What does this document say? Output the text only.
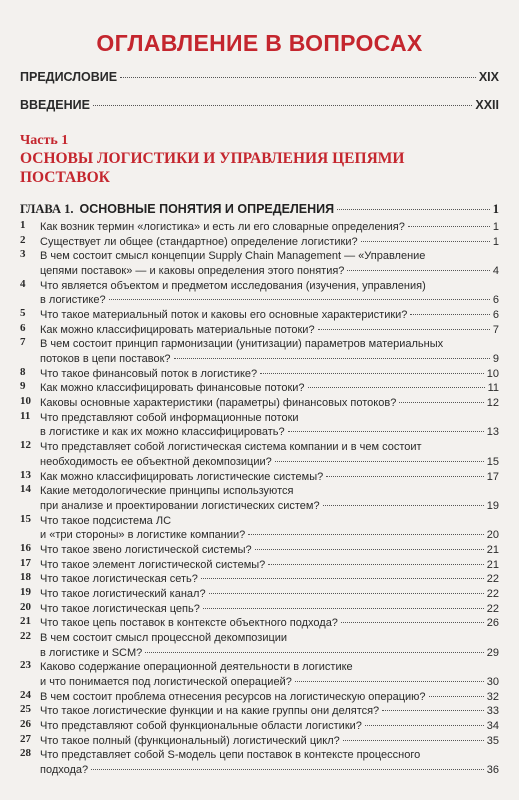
ОГЛАВЛЕНИЕ В ВОПРОСАХ
ПРЕДИСЛОВИЕ	XIX
ВВЕДЕНИЕ	XXII
Часть 1
ОСНОВЫ ЛОГИСТИКИ И УПРАВЛЕНИЯ ЦЕПЯМИ ПОСТАВОК
ГЛАВА 1. ОСНОВНЫЕ ПОНЯТИЯ И ОПРЕДЕЛЕНИЯ	1
1 Как возник термин «логистика» и есть ли его словарные определения?	1
2 Существует ли общее (стандартное) определение логистики?	1
3 В чем состоит смысл концепции Supply Chain Management — «Управление
цепями поставок» — и каковы определения этого понятия?	4
4 Что является объектом и предметом исследования (изучения, управления)
в логистике?	6
5 Что такое материальный поток и каковы его основные характеристики?	6
6 Как можно классифицировать материальные потоки?	7
7 В чем состоит принцип гармонизации (унитизации) параметров материальных
потоков в цепи поставок?	9
8 Что такое финансовый поток в логистике?	10
9 Как можно классифицировать финансовые потоки?	11
10 Каковы основные характеристики (параметры) финансовых потоков?	12
11 Что представляют собой информационные потоки
в логистике и как их можно классифицировать?	13
12 Что представляет собой логистическая система компании и в чем состоит
необходимость ее объектной декомпозиции?	15
13 Как можно классифицировать логистические системы?	17
14 Какие методологические принципы используются
при анализе и проектировании логистических систем?	19
15 Что такое подсистема ЛС
и «три стороны» в логистике компании?	20
16 Что такое звено логистической системы?	21
17 Что такое элемент логистической системы?	21
18 Что такое логистическая сеть?	22
19 Что такое логистический канал?	22
20 Что такое логистическая цепь?	22
21 Что такое цепь поставок в контексте объектного подхода?	26
22 В чем состоит смысл процессной декомпозиции
в логистике и SCM?	29
23 Каково содержание операционной деятельности в логистике
и что понимается под логистической операцией?	30
24 В чем состоит проблема отнесения ресурсов на логистическую операцию?	32
25 Что такое логистические функции и на какие группы они делятся?	33
26 Что представляют собой функциональные области логистики?	34
27 Что такое полный (функциональный) логистический цикл?	35
28 Что представляет собой S-модель цепи поставок в контексте процессного
подхода?	36
